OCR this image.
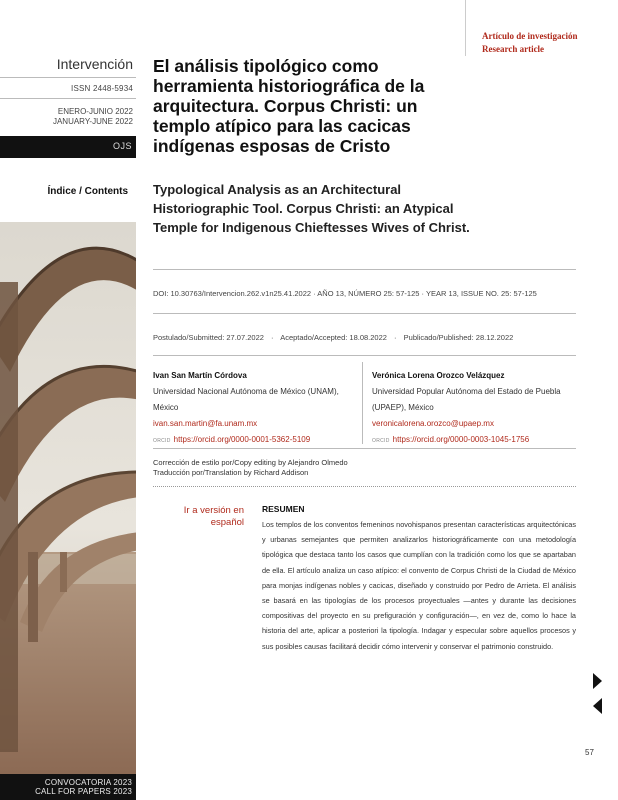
Intervención
ISSN 2448-5934
ENERO-JUNIO 2022
JANUARY-JUNE 2022
OJS
Índice / Contents
CONVOCATORIA 2023
CALL FOR PAPERS 2023
Artículo de investigación
Research article
El análisis tipológico como herramienta historiográfica de la arquitectura. Corpus Christi: un templo atípico para las cacicas indígenas esposas de Cristo
Typological Analysis as an Architectural Historiographic Tool. Corpus Christi: an Atypical Temple for Indigenous Chieftesses Wives of Christ.
DOI: 10.30763/Intervencion.262.v1n25.41.2022 · AÑO 13, NÚMERO 25: 57-125 · YEAR 13, ISSUE NO. 25: 57-125
Postulado/Submitted: 27.07.2022 · Aceptado/Accepted: 18.08.2022 · Publicado/Published: 28.12.2022
Ivan San Martín Córdova
Universidad Nacional Autónoma de México (UNAM), México
ivan.san.martin@fa.unam.mx
ORCID https://orcid.org/0000-0001-5362-5109
Verónica Lorena Orozco Velázquez
Universidad Popular Autónoma del Estado de Puebla (UPAEP), México
veronicalorena.orozco@upaep.mx
ORCID https://orcid.org/0000-0003-1045-1756
Corrección de estilo por/Copy editing by Alejandro Olmedo
Traducción por/Translation by Richard Addison
Ir a versión en español
RESUMEN

Los templos de los conventos femeninos novohispanos presentan características arquitectónicas y urbanas semejantes que permiten analizarlos historiográficamente con una metodología tipológica que destaca tanto los casos que cumplían con la tradición como los que se apartaban de ella. El artículo analiza un caso atípico: el convento de Corpus Christi de la Ciudad de México para monjas indígenas nobles y cacicas, diseñado y construido por Pedro de Arrieta. El análisis se basará en las tipologías de los procesos proyectuales —antes y durante las decisiones compositivas del proyecto en su prefiguración y configuración—, en vez de, como lo hace la historia del arte, aplicar a posteriori la tipología. Indagar y especular sobre aquellos procesos y sus posibles causas facilitará decidir cómo intervenir y conservar el patrimonio construido.

57
